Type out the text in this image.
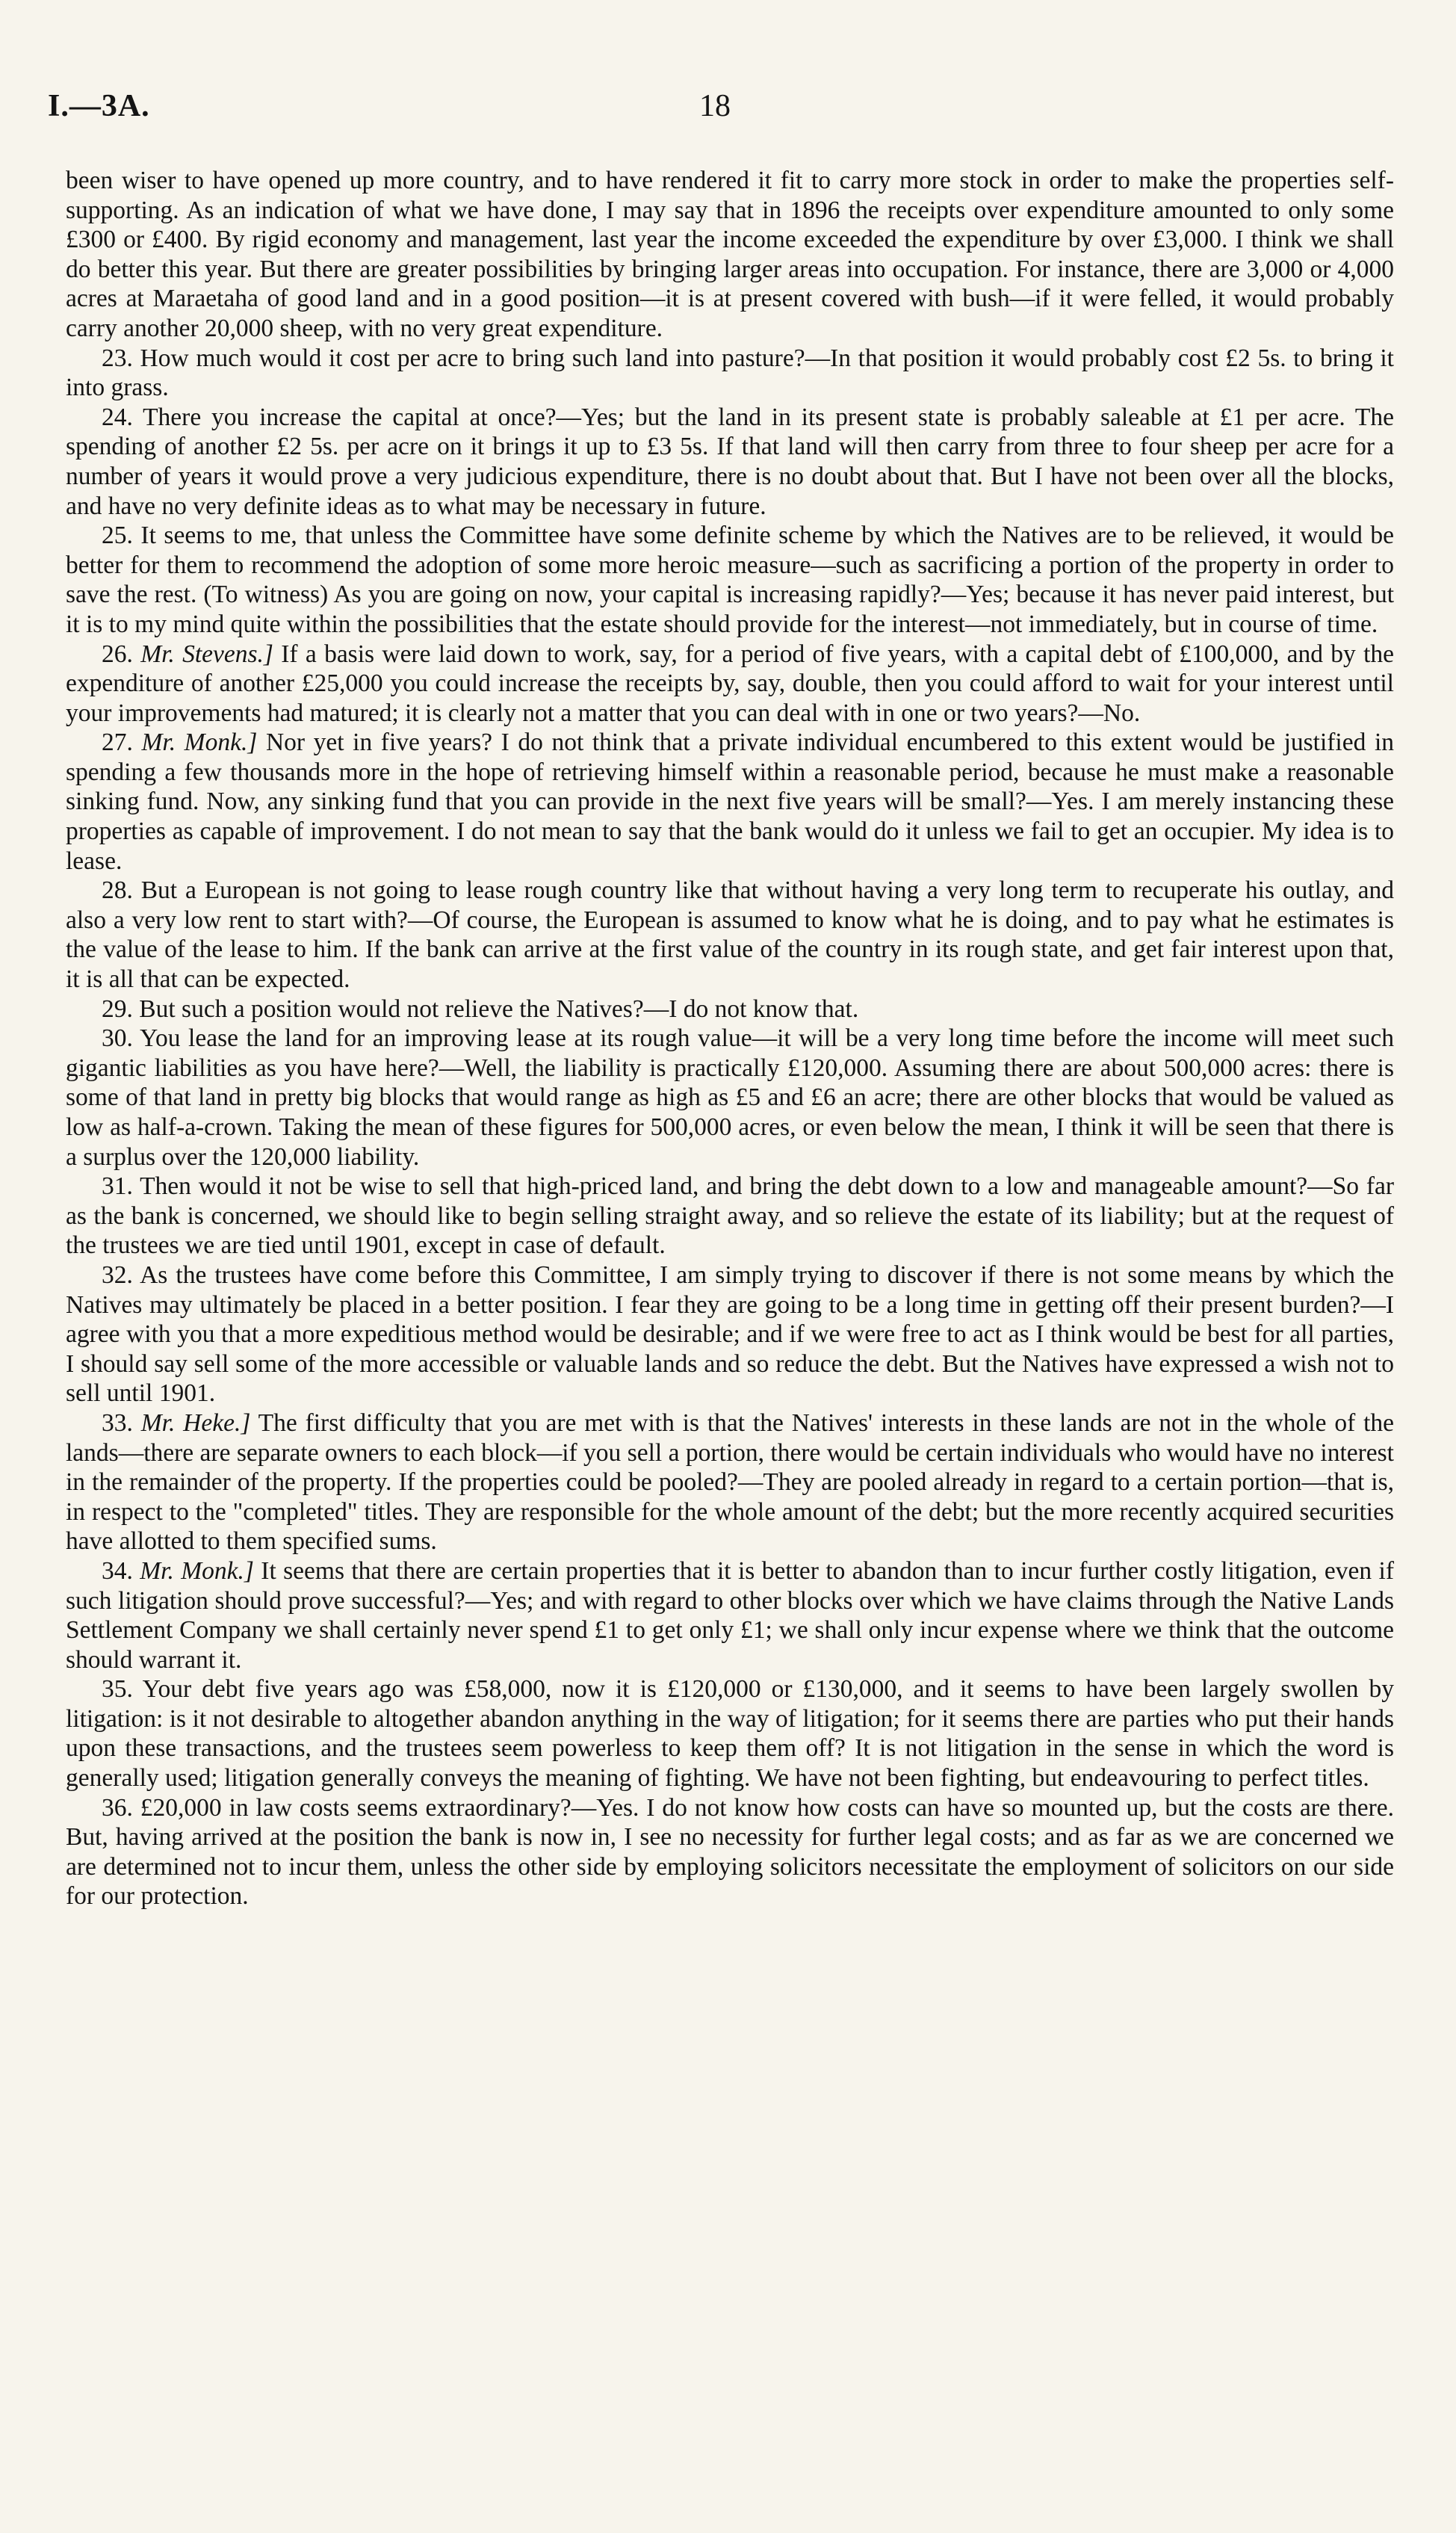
I.—3A.	18

been wiser to have opened up more country, and to have rendered it fit to carry more stock in order to make the properties self-supporting. As an indication of what we have done, I may say that in 1896 the receipts over expenditure amounted to only some £300 or £400. By rigid economy and management, last year the income exceeded the expenditure by over £3,000. I think we shall do better this year. But there are greater possibilities by bringing larger areas into occupation. For instance, there are 3,000 or 4,000 acres at Maraetaha of good land and in a good position—it is at present covered with bush—if it were felled, it would probably carry another 20,000 sheep, with no very great expenditure.

23. How much would it cost per acre to bring such land into pasture?—In that position it would probably cost £2 5s. to bring it into grass.

24. There you increase the capital at once?—Yes; but the land in its present state is probably saleable at £1 per acre. The spending of another £2 5s. per acre on it brings it up to £3 5s. If that land will then carry from three to four sheep per acre for a number of years it would prove a very judicious expenditure, there is no doubt about that. But I have not been over all the blocks, and have no very definite ideas as to what may be necessary in future.

25. It seems to me, that unless the Committee have some definite scheme by which the Natives are to be relieved, it would be better for them to recommend the adoption of some more heroic measure—such as sacrificing a portion of the property in order to save the rest. (To witness) As you are going on now, your capital is increasing rapidly?—Yes; because it has never paid interest, but it is to my mind quite within the possibilities that the estate should provide for the interest—not immediately, but in course of time.

26. Mr. Stevens.] If a basis were laid down to work, say, for a period of five years, with a capital debt of £100,000, and by the expenditure of another £25,000 you could increase the receipts by, say, double, then you could afford to wait for your interest until your improvements had matured; it is clearly not a matter that you can deal with in one or two years?—No.

27. Mr. Monk.] Nor yet in five years? I do not think that a private individual encumbered to this extent would be justified in spending a few thousands more in the hope of retrieving himself within a reasonable period, because he must make a reasonable sinking fund. Now, any sinking fund that you can provide in the next five years will be small?—Yes. I am merely instancing these properties as capable of improvement. I do not mean to say that the bank would do it unless we fail to get an occupier. My idea is to lease.

28. But a European is not going to lease rough country like that without having a very long term to recuperate his outlay, and also a very low rent to start with?—Of course, the European is assumed to know what he is doing, and to pay what he estimates is the value of the lease to him. If the bank can arrive at the first value of the country in its rough state, and get fair interest upon that, it is all that can be expected.

29. But such a position would not relieve the Natives?—I do not know that.

30. You lease the land for an improving lease at its rough value—it will be a very long time before the income will meet such gigantic liabilities as you have here?—Well, the liability is practically £120,000. Assuming there are about 500,000 acres: there is some of that land in pretty big blocks that would range as high as £5 and £6 an acre; there are other blocks that would be valued as low as half-a-crown. Taking the mean of these figures for 500,000 acres, or even below the mean, I think it will be seen that there is a surplus over the 120,000 liability.

31. Then would it not be wise to sell that high-priced land, and bring the debt down to a low and manageable amount?—So far as the bank is concerned, we should like to begin selling straight away, and so relieve the estate of its liability; but at the request of the trustees we are tied until 1901, except in case of default.

32. As the trustees have come before this Committee, I am simply trying to discover if there is not some means by which the Natives may ultimately be placed in a better position. I fear they are going to be a long time in getting off their present burden?—I agree with you that a more expeditious method would be desirable; and if we were free to act as I think would be best for all parties, I should say sell some of the more accessible or valuable lands and so reduce the debt. But the Natives have expressed a wish not to sell until 1901.

33. Mr. Heke.] The first difficulty that you are met with is that the Natives' interests in these lands are not in the whole of the lands—there are separate owners to each block—if you sell a portion, there would be certain individuals who would have no interest in the remainder of the property. If the properties could be pooled?—They are pooled already in regard to a certain portion—that is, in respect to the "completed" titles. They are responsible for the whole amount of the debt; but the more recently acquired securities have allotted to them specified sums.

34. Mr. Monk.] It seems that there are certain properties that it is better to abandon than to incur further costly litigation, even if such litigation should prove successful?—Yes; and with regard to other blocks over which we have claims through the Native Lands Settlement Company we shall certainly never spend £1 to get only £1; we shall only incur expense where we think that the outcome should warrant it.

35. Your debt five years ago was £58,000, now it is £120,000 or £130,000, and it seems to have been largely swollen by litigation: is it not desirable to altogether abandon anything in the way of litigation; for it seems there are parties who put their hands upon these transactions, and the trustees seem powerless to keep them off? It is not litigation in the sense in which the word is generally used; litigation generally conveys the meaning of fighting. We have not been fighting, but endeavouring to perfect titles.

36. £20,000 in law costs seems extraordinary?—Yes. I do not know how costs can have so mounted up, but the costs are there. But, having arrived at the position the bank is now in, I see no necessity for further legal costs; and as far as we are concerned we are determined not to incur them, unless the other side by employing solicitors necessitate the employment of solicitors on our side for our protection.
